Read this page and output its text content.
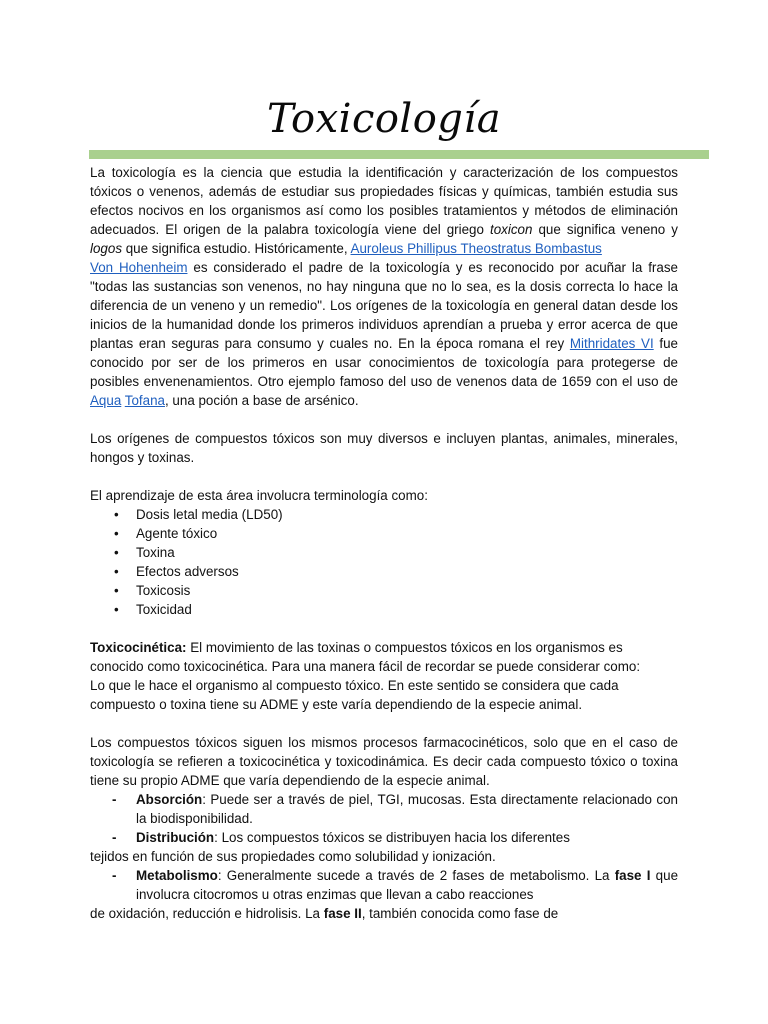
Toxicología

La toxicología es la ciencia que estudia la identificación y caracterización de los compuestos tóxicos o venenos, además de estudiar sus propiedades físicas y químicas, también estudia sus efectos nocivos en los organismos así como los posibles tratamientos y métodos de eliminación adecuados. El origen de la palabra toxicología viene del griego toxicon que significa veneno y logos que significa estudio. Históricamente, Auroleus Phillipus Theostratus Bombastus
Von Hohenheim es considerado el padre de la toxicología y es reconocido por acuñar la frase "todas las sustancias son venenos, no hay ninguna que no lo sea, es la dosis correcta lo hace la diferencia de un veneno y un remedio". Los orígenes de la toxicología en general datan desde los inicios de la humanidad donde los primeros individuos aprendían a prueba y error acerca de que plantas eran seguras para consumo y cuales no. En la época romana el rey Mithridates VI fue conocido por ser de los primeros en usar conocimientos de toxicología para protegerse de posibles envenenamientos. Otro ejemplo famoso del uso de venenos data de 1659 con el uso de Aqua Tofana, una poción a base de arsénico.

Los orígenes de compuestos tóxicos son muy diversos e incluyen plantas, animales, minerales, hongos y toxinas.

El aprendizaje de esta área involucra terminología como:

• Dosis letal media (LD50)
• Agente tóxico
• Toxina
• Efectos adversos
• Toxicosis
• Toxicidad

Toxicocinética: El movimiento de las toxinas o compuestos tóxicos en los organismos es conocido como toxicocinética. Para una manera fácil de recordar se puede considerar como:

Lo que le hace el organismo al compuesto tóxico. En este sentido se considera que cada compuesto o toxina tiene su ADME y este varía dependiendo de la especie animal.

Los compuestos tóxicos siguen los mismos procesos farmacocinéticos, solo que en el caso de toxicología se refieren a toxicocinética y toxicodinámica. Es decir cada compuesto tóxico o toxina tiene su propio ADME que varía dependiendo de la especie animal.

- Absorción: Puede ser a través de piel, TGI, mucosas. Esta directamente relacionado con la biodisponibilidad.
- Distribución: Los compuestos tóxicos se distribuyen hacia los diferentes

tejidos en función de sus propiedades como solubilidad y ionización.

- Metabolismo: Generalmente sucede a través de 2 fases de metabolismo. La fase I que involucra citocromos u otras enzimas que llevan a cabo reacciones

de oxidación, reducción e hidrolisis. La fase II, también conocida como fase de
